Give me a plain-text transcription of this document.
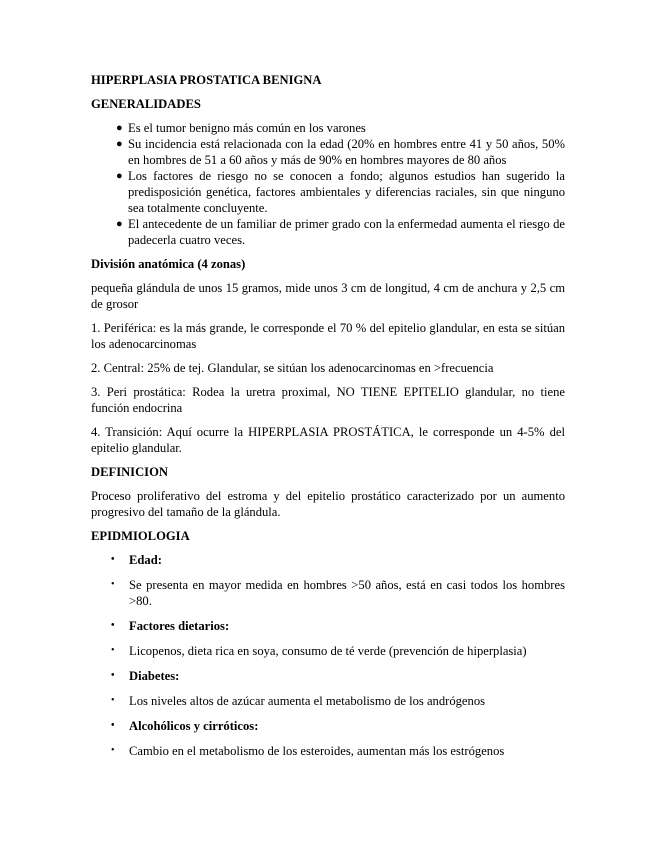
HIPERPLASIA PROSTATICA BENIGNA
GENERALIDADES
● Es el tumor benigno más común en los varones
● Su incidencia está relacionada con la edad (20% en hombres entre 41 y 50 años, 50% en hombres de 51 a 60 años y más de 90% en hombres mayores de 80 años
● Los factores de riesgo no se conocen a fondo; algunos estudios han sugerido la predisposición genética, factores ambientales y diferencias raciales, sin que ninguno sea totalmente concluyente.
● El antecedente de un familiar de primer grado con la enfermedad aumenta el riesgo de padecerla cuatro veces.
División anatómica (4 zonas)

pequeña glándula de unos 15 gramos, mide unos 3 cm de longitud, 4 cm de anchura y 2,5 cm de grosor

1. Periférica: es la más grande, le corresponde el 70 % del epitelio glandular, en esta se sitúan los adenocarcinomas

2. Central: 25% de tej. Glandular, se sitúan los adenocarcinomas en >frecuencia

3. Peri prostática: Rodea la uretra proximal, NO TIENE EPITELIO glandular, no tiene función endocrina

4. Transición: Aquí ocurre la HIPERPLASIA PROSTÁTICA, le corresponde un 4-5% del epitelio glandular.

DEFINICION

Proceso proliferativo del estroma y del epitelio prostático caracterizado por un aumento progresivo del tamaño de la glándula.

EPIDMIOLOGIA
• Edad:
• Se presenta en mayor medida en hombres >50 años, está en casi todos los hombres >80.
• Factores dietarios:
• Licopenos, dieta rica en soya, consumo de té verde (prevención de hiperplasia)
• Diabetes:
• Los niveles altos de azúcar aumenta el metabolismo de los andrógenos
• Alcohólicos y cirróticos:
• Cambio en el metabolismo de los esteroides, aumentan más los estrógenos
